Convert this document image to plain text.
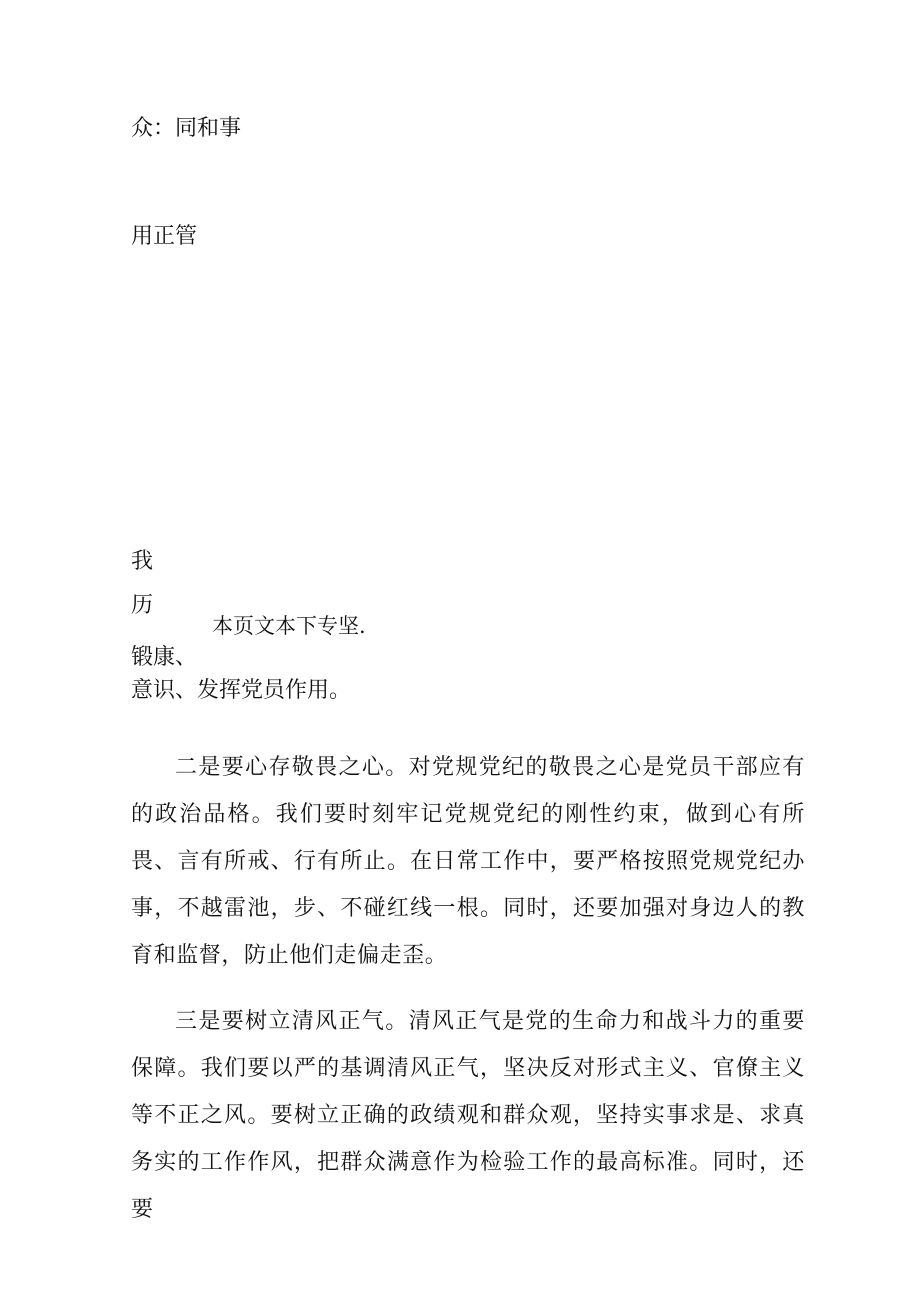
众：同和事
用正管
我
历
本页文本下专坚.
锻康、
意识、发挥党员作用。

二是要心存敬畏之心。对党规党纪的敬畏之心是党员干部应有的政治品格。我们要时刻牢记党规党纪的刚性约束，做到心有所畏、言有所戒、行有所止。在日常工作中，要严格按照党规党纪办事，不越雷池，步、不碰红线一根。同时，还要加强对身边人的教育和监督，防止他们走偏走歪。

三是要树立清风正气。清风正气是党的生命力和战斗力的重要保障。我们要以严的基调清风正气，坚决反对形式主义、官僚主义等不正之风。要树立正确的政绩观和群众观，坚持实事求是、求真务实的工作作风，把群众满意作为检验工作的最高标准。同时，还要
